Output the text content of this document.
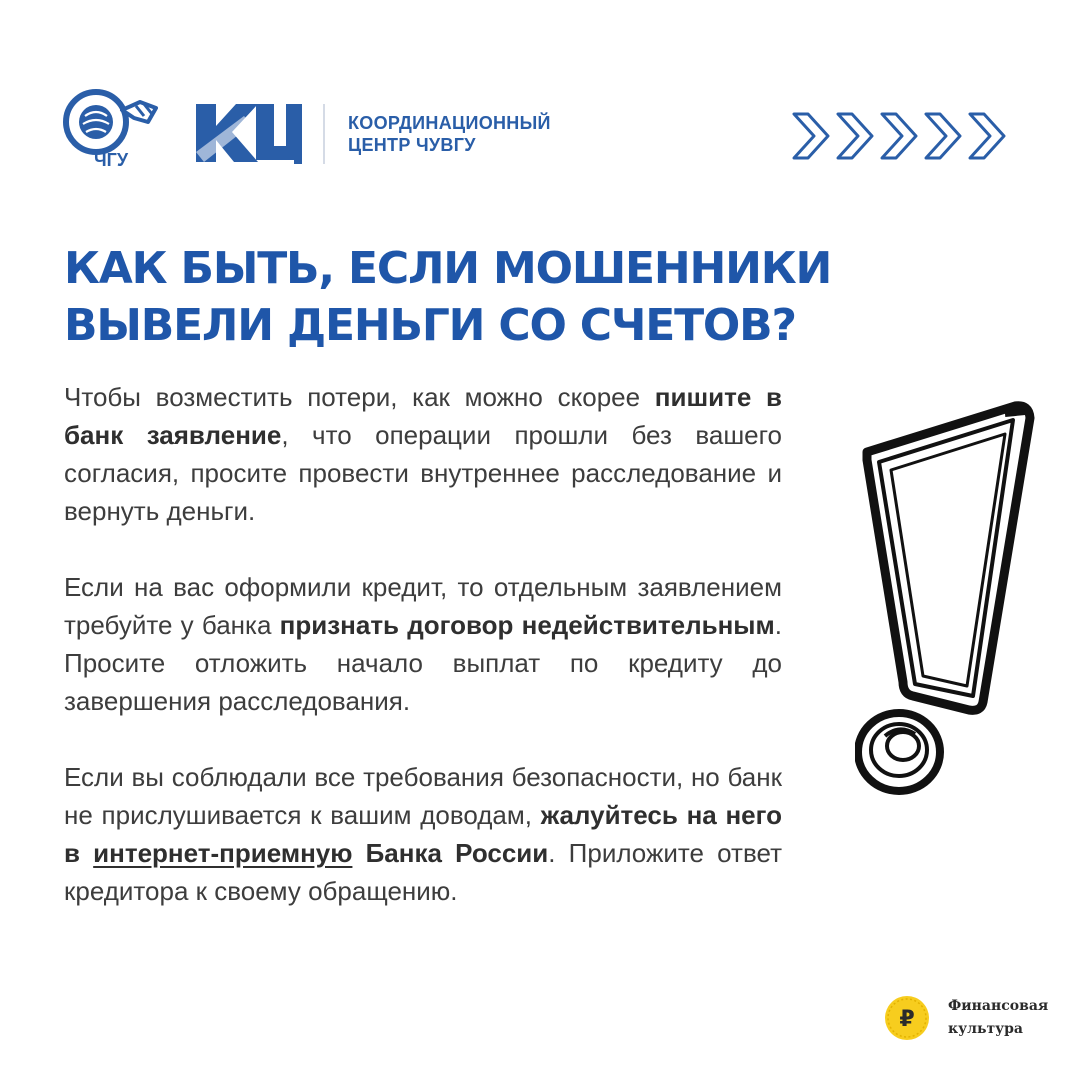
ЧГУ
КЦ
КООРДИНАЦИОННЫЙ
ЦЕНТР ЧУВГУ
КАК БЫТЬ, ЕСЛИ МОШЕННИКИ
ВЫВЕЛИ ДЕНЬГИ СО СЧЕТОВ?

Чтобы возместить потери, как можно скорее пишите в банк заявление, что операции прошли без вашего согласия, просите провести внутреннее расследование и вернуть деньги.

Если на вас оформили кредит, то отдельным заявлением требуйте у банка признать договор недействительным. Просите отложить начало выплат по кредиту до завершения расследования.

Если вы соблюдали все требования безопасности, но банк не прислушивается к вашим доводам, жалуйтесь на него в интернет-приемную Банка России. Приложите ответ кредитора к своему обращению.

₽
Финансовая
культура
